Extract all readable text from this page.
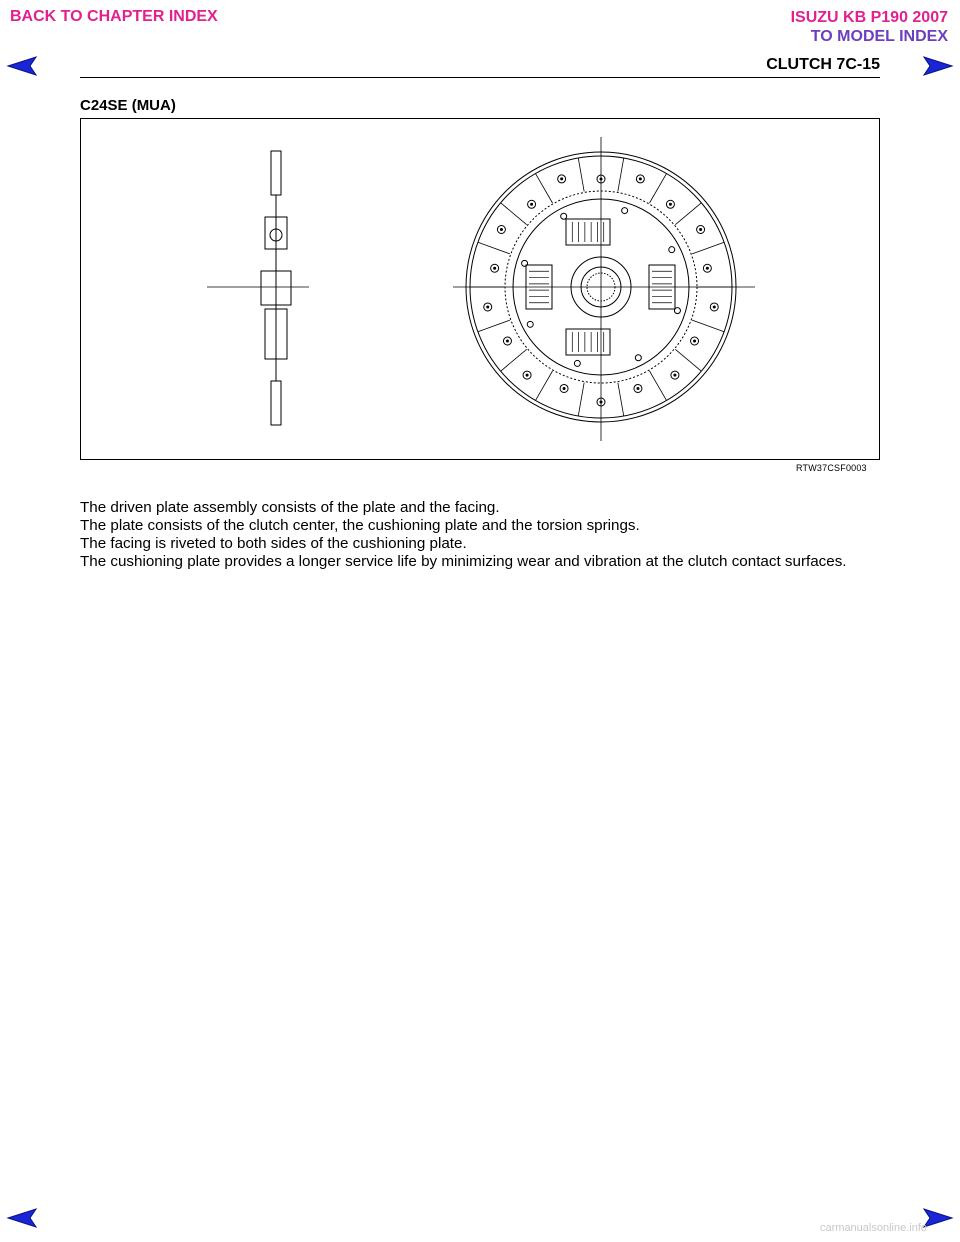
BACK TO CHAPTER INDEX	ISUZU KB P190 2007
TO MODEL INDEX
CLUTCH 7C-15
C24SE (MUA)
RTW37CSF0003

The driven plate assembly consists of the plate and the facing.

The plate consists of the clutch center, the cushioning plate and the torsion springs.

The facing is riveted to both sides of the cushioning plate.

The cushioning plate provides a longer service life by minimizing wear and vibration at the clutch contact surfaces.

carmanualsonline.info
